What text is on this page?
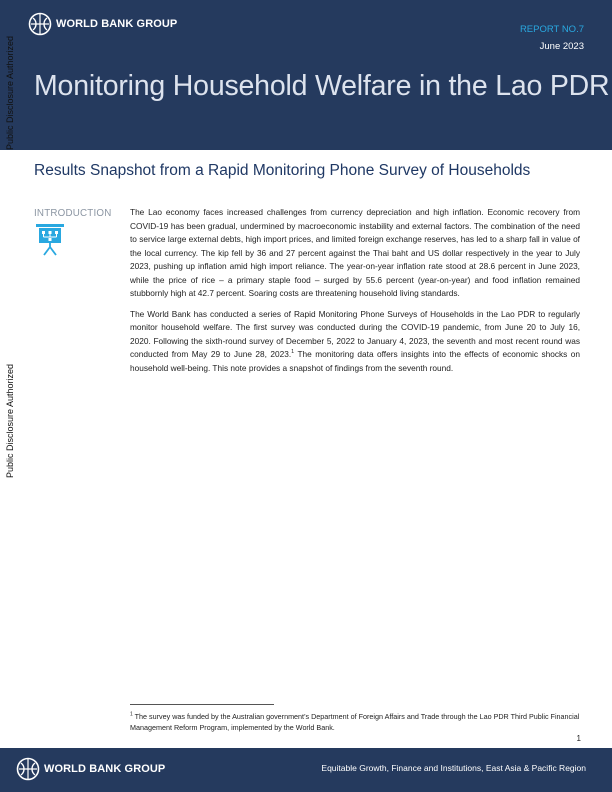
WORLD BANK GROUP	REPORT NO.7
June 2023
Monitoring Household Welfare in the Lao PDR
Public Disclosure Authorized
Public Disclosure Authorized
Results Snapshot from a Rapid Monitoring Phone Survey of Households
INTRODUCTION The Lao economy faces increased challenges from currency depreciation and high inflation. Economic recovery from COVID-19 has been gradual, undermined by macroeconomic instability and external factors. The combination of the need to service large external debts, high import prices, and limited foreign exchange reserves, has led to a sharp fall in value of the local currency. The kip fell by 36 and 27 percent against the Thai baht and US dollar respectively in the year to July 2023, pushing up inflation amid high import reliance. The year-on-year inflation rate stood at 28.6 percent in June 2023, while the price of rice – a primary staple food – surged by 55.6 percent (year-on-year) and food inflation remained stubbornly high at 42.7 percent. Soaring costs are threatening household living standards.

The World Bank has conducted a series of Rapid Monitoring Phone Surveys of Households in the Lao PDR to regularly monitor household welfare. The first survey was conducted during the COVID-19 pandemic, from June 20 to July 16, 2020. Following the sixth-round survey of December 5, 2022 to January 4, 2023, the seventh and most recent round was conducted from May 29 to June 28, 2023.$^1$ The monitoring data offers insights into the effects of economic shocks on household well-being. This note provides a snapshot of findings from the seventh round.

$^1$ The survey was funded by the Australian government’s Department of Foreign Affairs and Trade through the Lao PDR Third Public Financial Management Reform Program, implemented by the World Bank.
1
WORLD BANK GROUP	Equitable Growth, Finance and Institutions, East Asia & Pacific Region
